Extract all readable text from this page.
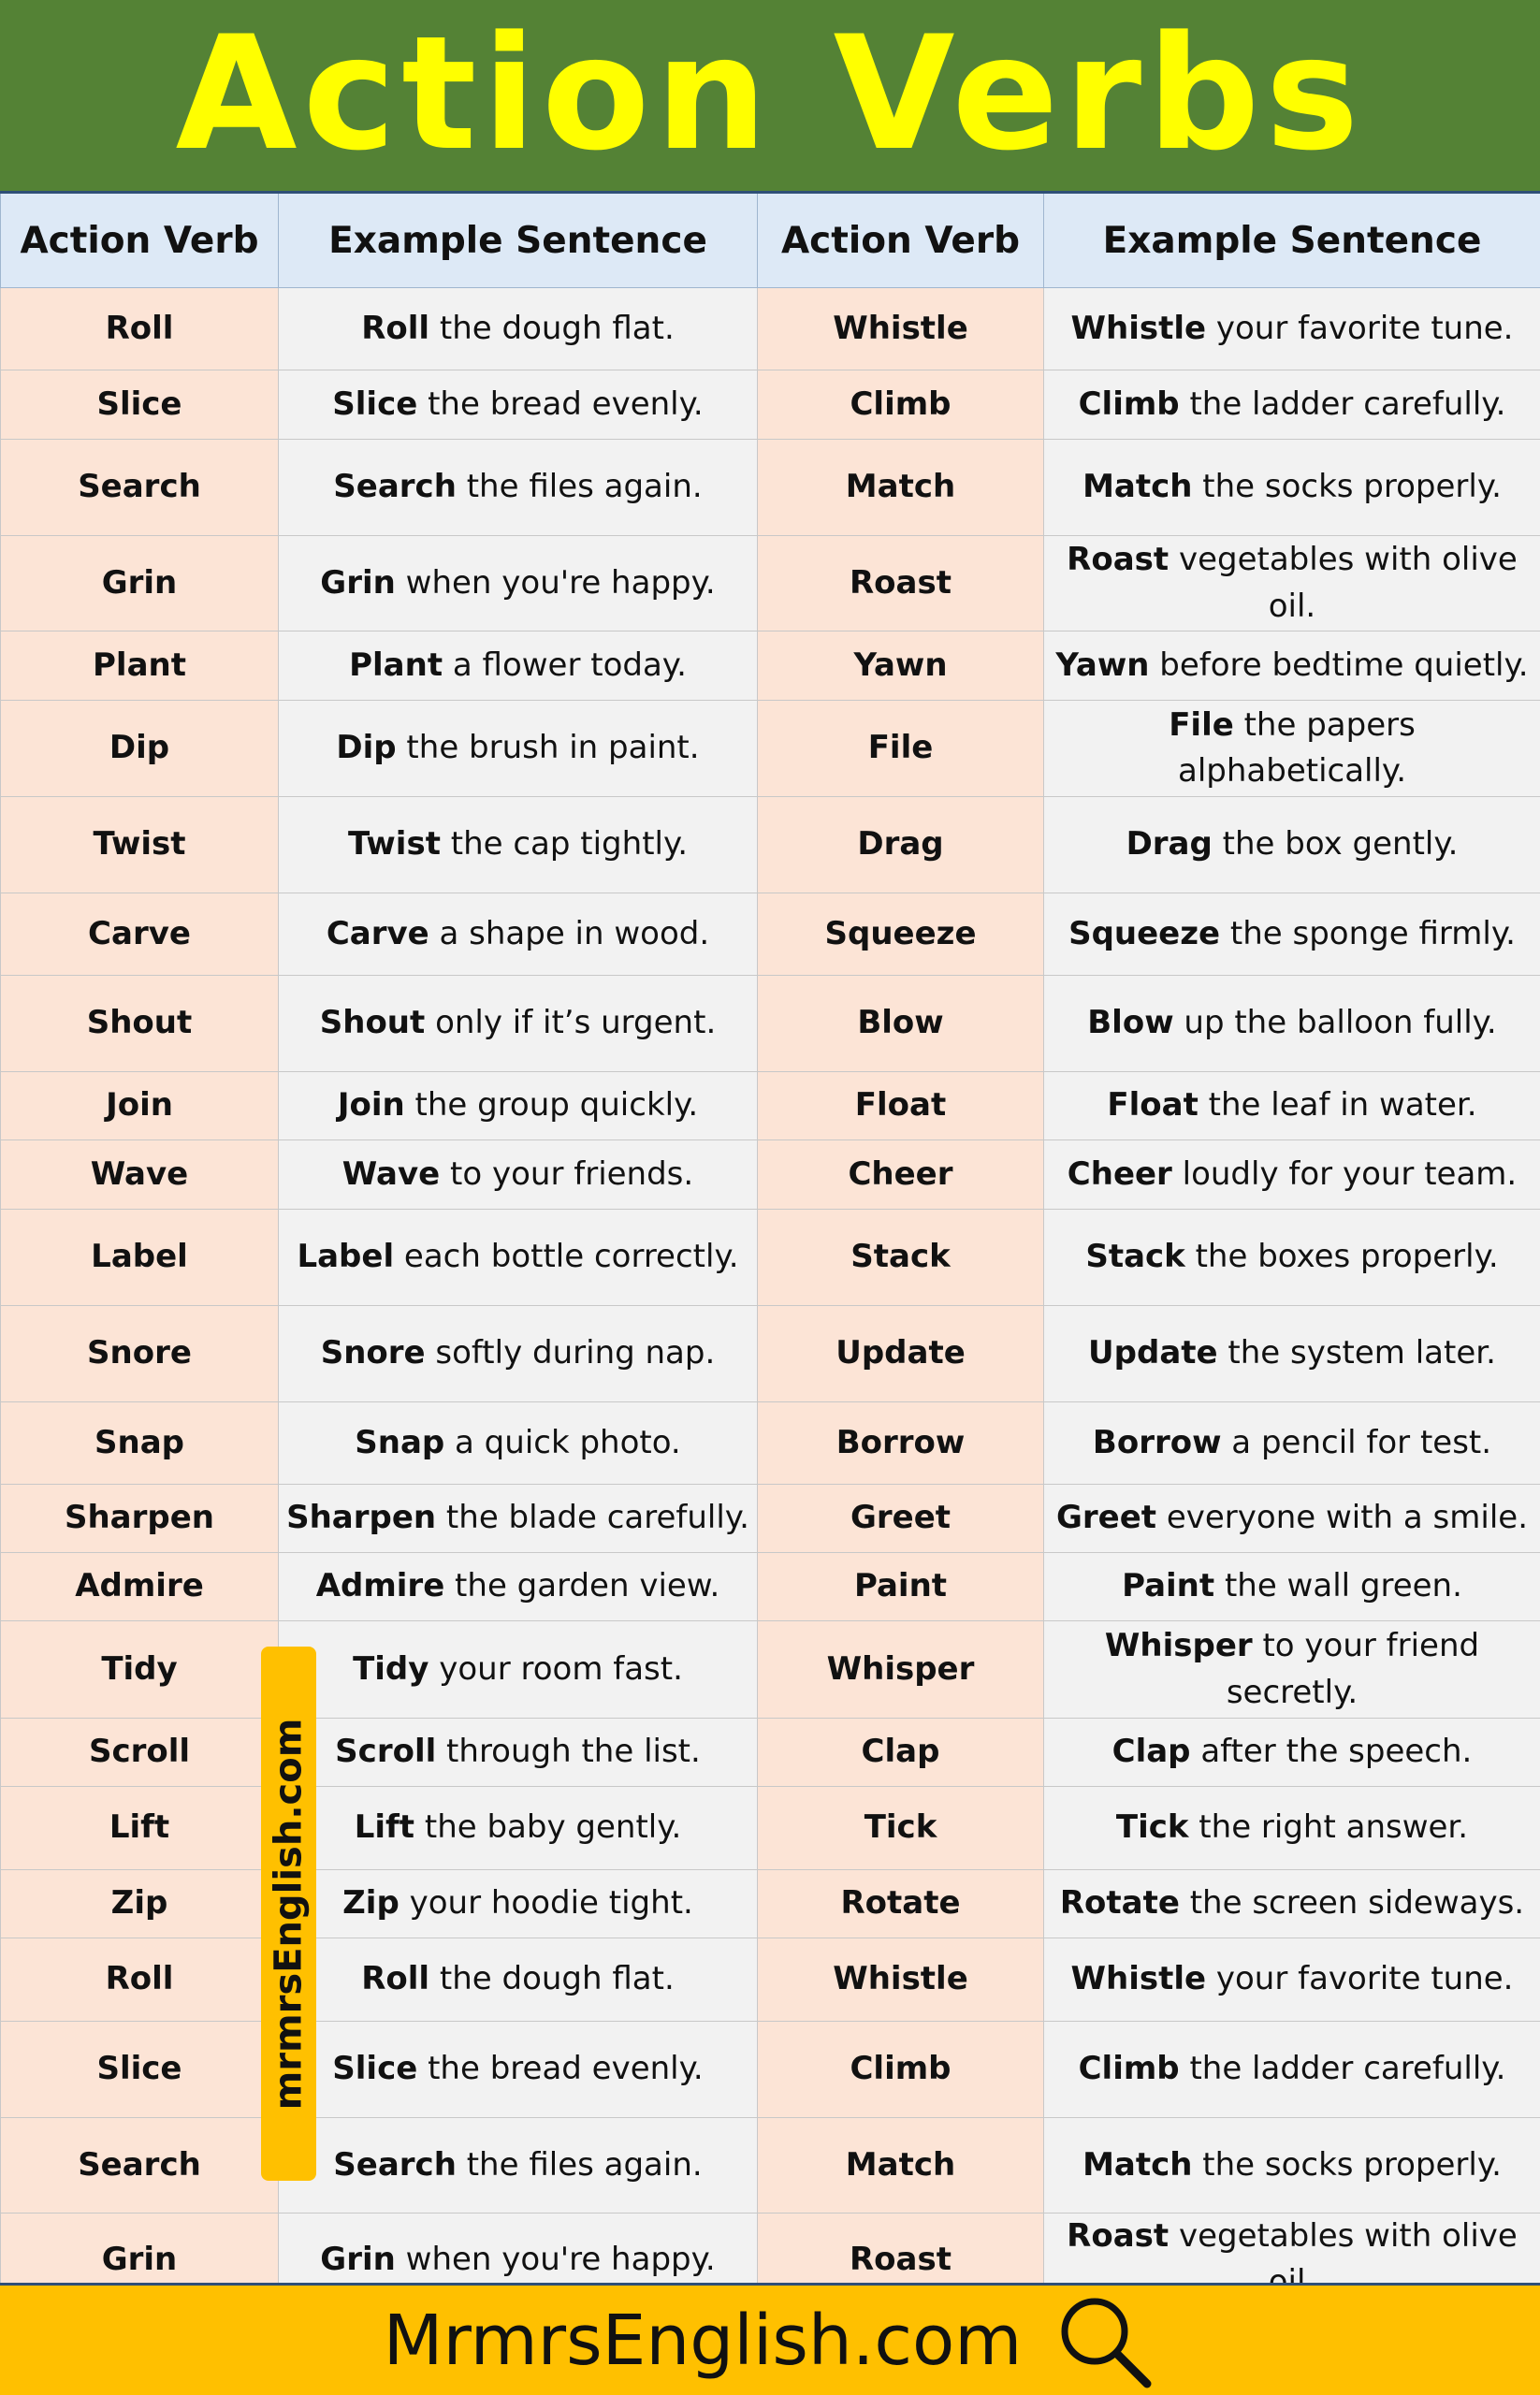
Action Verbs
Action Verb	Example Sentence	Action Verb	Example Sentence
Roll	Roll the dough flat.	Whistle	Whistle your favorite tune.
Slice	Slice the bread evenly.	Climb	Climb the ladder carefully.
Search	Search the files again.	Match	Match the socks properly.
Grin	Grin when you're happy.	Roast	Roast vegetables with olive oil.
Plant	Plant a flower today.	Yawn	Yawn before bedtime quietly.
Dip	Dip the brush in paint.	File	File the papers alphabetically.
Twist	Twist the cap tightly.	Drag	Drag the box gently.
Carve	Carve a shape in wood.	Squeeze	Squeeze the sponge firmly.
Shout	Shout only if it’s urgent.	Blow	Blow up the balloon fully.
Join	Join the group quickly.	Float	Float the leaf in water.
Wave	Wave to your friends.	Cheer	Cheer loudly for your team.
Label	Label each bottle correctly.	Stack	Stack the boxes properly.
Snore	Snore softly during nap.	Update	Update the system later.
Snap	Snap a quick photo.	Borrow	Borrow a pencil for test.
Sharpen	Sharpen the blade carefully.	Greet	Greet everyone with a smile.
Admire	Admire the garden view.	Paint	Paint the wall green.
Tidy	Tidy your room fast.	Whisper	Whisper to your friend secretly.
Scroll	Scroll through the list.	Clap	Clap after the speech.
Lift	Lift the baby gently.	Tick	Tick the right answer.
Zip	Zip your hoodie tight.	Rotate	Rotate the screen sideways.
Roll	Roll the dough flat.	Whistle	Whistle your favorite tune.
Slice	Slice the bread evenly.	Climb	Climb the ladder carefully.
Search	Search the files again.	Match	Match the socks properly.
Grin	Grin when you're happy.	Roast	Roast vegetables with olive
mrmrsEnglish.com
MrmrsEnglish.com
